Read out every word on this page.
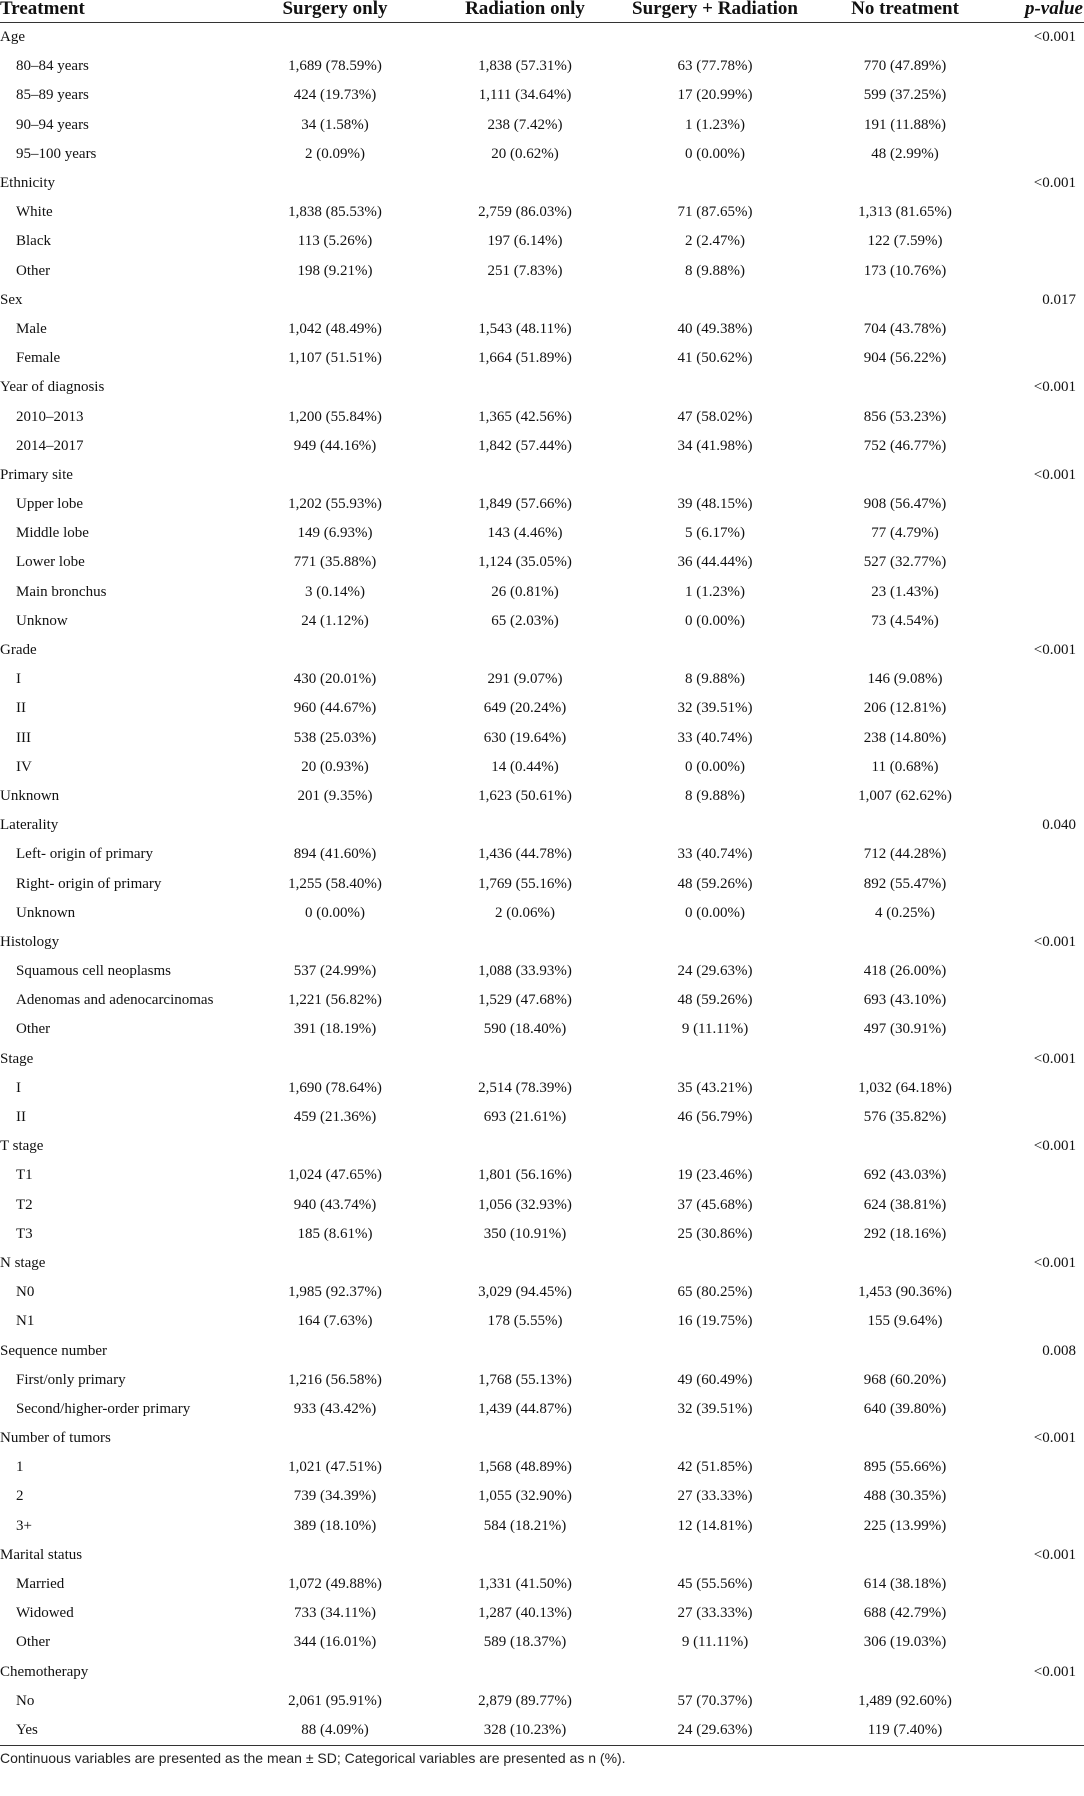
Treatment	Surgery only	Radiation only	Surgery + Radiation	No treatment	p-value
Age					<0.001
80–84 years	1,689 (78.59%)	1,838 (57.31%)	63 (77.78%)	770 (47.89%)	
85–89 years	424 (19.73%)	1,111 (34.64%)	17 (20.99%)	599 (37.25%)	
90–94 years	34 (1.58%)	238 (7.42%)	1 (1.23%)	191 (11.88%)	
95–100 years	2 (0.09%)	20 (0.62%)	0 (0.00%)	48 (2.99%)	
Ethnicity					<0.001
White	1,838 (85.53%)	2,759 (86.03%)	71 (87.65%)	1,313 (81.65%)	
Black	113 (5.26%)	197 (6.14%)	2 (2.47%)	122 (7.59%)	
Other	198 (9.21%)	251 (7.83%)	8 (9.88%)	173 (10.76%)	
Sex					0.017
Male	1,042 (48.49%)	1,543 (48.11%)	40 (49.38%)	704 (43.78%)	
Female	1,107 (51.51%)	1,664 (51.89%)	41 (50.62%)	904 (56.22%)	
Year of diagnosis					<0.001
2010–2013	1,200 (55.84%)	1,365 (42.56%)	47 (58.02%)	856 (53.23%)	
2014–2017	949 (44.16%)	1,842 (57.44%)	34 (41.98%)	752 (46.77%)	
Primary site					<0.001
Upper lobe	1,202 (55.93%)	1,849 (57.66%)	39 (48.15%)	908 (56.47%)	
Middle lobe	149 (6.93%)	143 (4.46%)	5 (6.17%)	77 (4.79%)	
Lower lobe	771 (35.88%)	1,124 (35.05%)	36 (44.44%)	527 (32.77%)	
Main bronchus	3 (0.14%)	26 (0.81%)	1 (1.23%)	23 (1.43%)	
Unknow	24 (1.12%)	65 (2.03%)	0 (0.00%)	73 (4.54%)	
Grade					<0.001
I	430 (20.01%)	291 (9.07%)	8 (9.88%)	146 (9.08%)	
II	960 (44.67%)	649 (20.24%)	32 (39.51%)	206 (12.81%)	
III	538 (25.03%)	630 (19.64%)	33 (40.74%)	238 (14.80%)	
IV	20 (0.93%)	14 (0.44%)	0 (0.00%)	11 (0.68%)	
Unknown	201 (9.35%)	1,623 (50.61%)	8 (9.88%)	1,007 (62.62%)	
Laterality					0.040
Left- origin of primary	894 (41.60%)	1,436 (44.78%)	33 (40.74%)	712 (44.28%)	
Right- origin of primary	1,255 (58.40%)	1,769 (55.16%)	48 (59.26%)	892 (55.47%)	
Unknown	0 (0.00%)	2 (0.06%)	0 (0.00%)	4 (0.25%)	
Histology					<0.001
Squamous cell neoplasms	537 (24.99%)	1,088 (33.93%)	24 (29.63%)	418 (26.00%)	
Adenomas and adenocarcinomas	1,221 (56.82%)	1,529 (47.68%)	48 (59.26%)	693 (43.10%)	
Other	391 (18.19%)	590 (18.40%)	9 (11.11%)	497 (30.91%)	
Stage					<0.001
I	1,690 (78.64%)	2,514 (78.39%)	35 (43.21%)	1,032 (64.18%)	
II	459 (21.36%)	693 (21.61%)	46 (56.79%)	576 (35.82%)	
T stage					<0.001
T1	1,024 (47.65%)	1,801 (56.16%)	19 (23.46%)	692 (43.03%)	
T2	940 (43.74%)	1,056 (32.93%)	37 (45.68%)	624 (38.81%)	
T3	185 (8.61%)	350 (10.91%)	25 (30.86%)	292 (18.16%)	
N stage					<0.001
N0	1,985 (92.37%)	3,029 (94.45%)	65 (80.25%)	1,453 (90.36%)	
N1	164 (7.63%)	178 (5.55%)	16 (19.75%)	155 (9.64%)	
Sequence number					0.008
First/only primary	1,216 (56.58%)	1,768 (55.13%)	49 (60.49%)	968 (60.20%)	
Second/higher-order primary	933 (43.42%)	1,439 (44.87%)	32 (39.51%)	640 (39.80%)	
Number of tumors					<0.001
1	1,021 (47.51%)	1,568 (48.89%)	42 (51.85%)	895 (55.66%)	
2	739 (34.39%)	1,055 (32.90%)	27 (33.33%)	488 (30.35%)	
3+	389 (18.10%)	584 (18.21%)	12 (14.81%)	225 (13.99%)	
Marital status					<0.001
Married	1,072 (49.88%)	1,331 (41.50%)	45 (55.56%)	614 (38.18%)	
Widowed	733 (34.11%)	1,287 (40.13%)	27 (33.33%)	688 (42.79%)	
Other	344 (16.01%)	589 (18.37%)	9 (11.11%)	306 (19.03%)	
Chemotherapy					<0.001
No	2,061 (95.91%)	2,879 (89.77%)	57 (70.37%)	1,489 (92.60%)	
Yes	88 (4.09%)	328 (10.23%)	24 (29.63%)	119 (7.40%)	
Continuous variables are presented as the mean ± SD; Categorical variables are presented as n (%).
